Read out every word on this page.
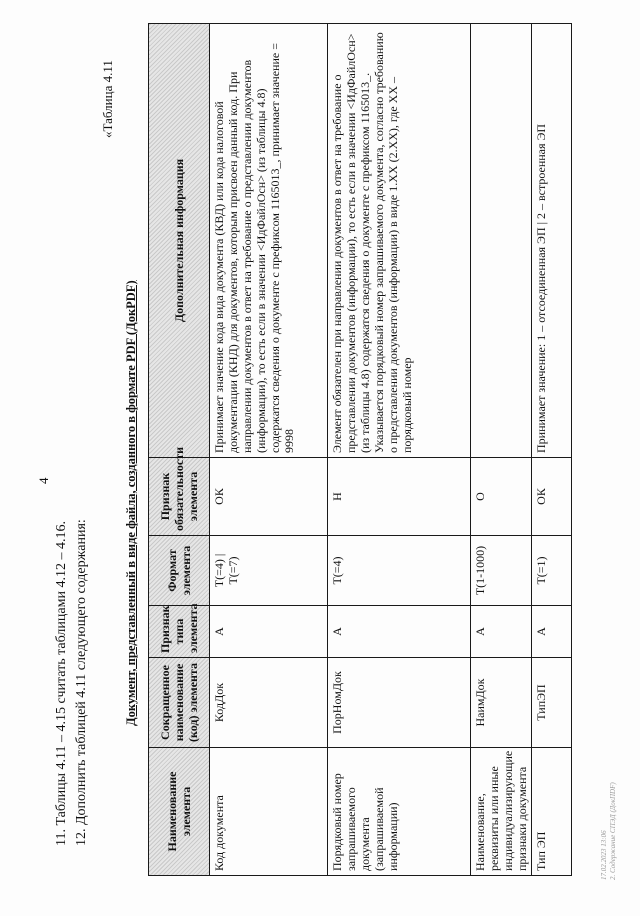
4
11. Таблицы 4.11 – 4.15 считать таблицами 4.12 – 4.16. 12. Дополнить таблицей 4.11 следующего содержания:
«Таблица 4.11
Документ, представленный в виде файла, созданного в формате PDF (ДокPDF)
Наименование элемента	Сокращенное наименование (код) элемента	Признак типа элемента	Формат элемента	Признак обязательности элемента	Дополнительная информация
Код документа	КодДок	А	Т(=4) | Т(=7)	ОК	Принимает значение кода вида документа (КВД) или кода налоговой документации (КНД) для документов, которым присвоен данный код. При направлении документов в ответ на требование о представлении документов (информации), то есть если в значении <ИдФайлОсн> (из таблицы 4.8) содержатся сведения о документе с префиксом 1165013_, принимает значение = 9998
Порядковый номер запрашиваемого документа (запрашиваемой информации)	ПорНомДок	А	Т(=4)	Н	Элемент обязателен при направлении документов в ответ на требование о представлении документов (информации), то есть если в значении <ИдФайлОсн> (из таблицы 4.8) содержатся сведения о документе с префиксом 1165013_. Указывается порядковый номер запрашиваемого документа, согласно требованию о представлении документов (информации) в виде 1.XX (2.XX), где XX – порядковый номер
Наименование, реквизиты или иные индивидуализирующие признаки документа	НаимДок	А	Т(1-1000)	О	
Тип ЭП	ТипЭП	А	Т(=1)	ОК	Принимает значение: 1 – отсоединенная ЭП | 2 – встроенная ЭП
17.02.2023 13:06 2. Содержание СПЭД (ДокПDF)
